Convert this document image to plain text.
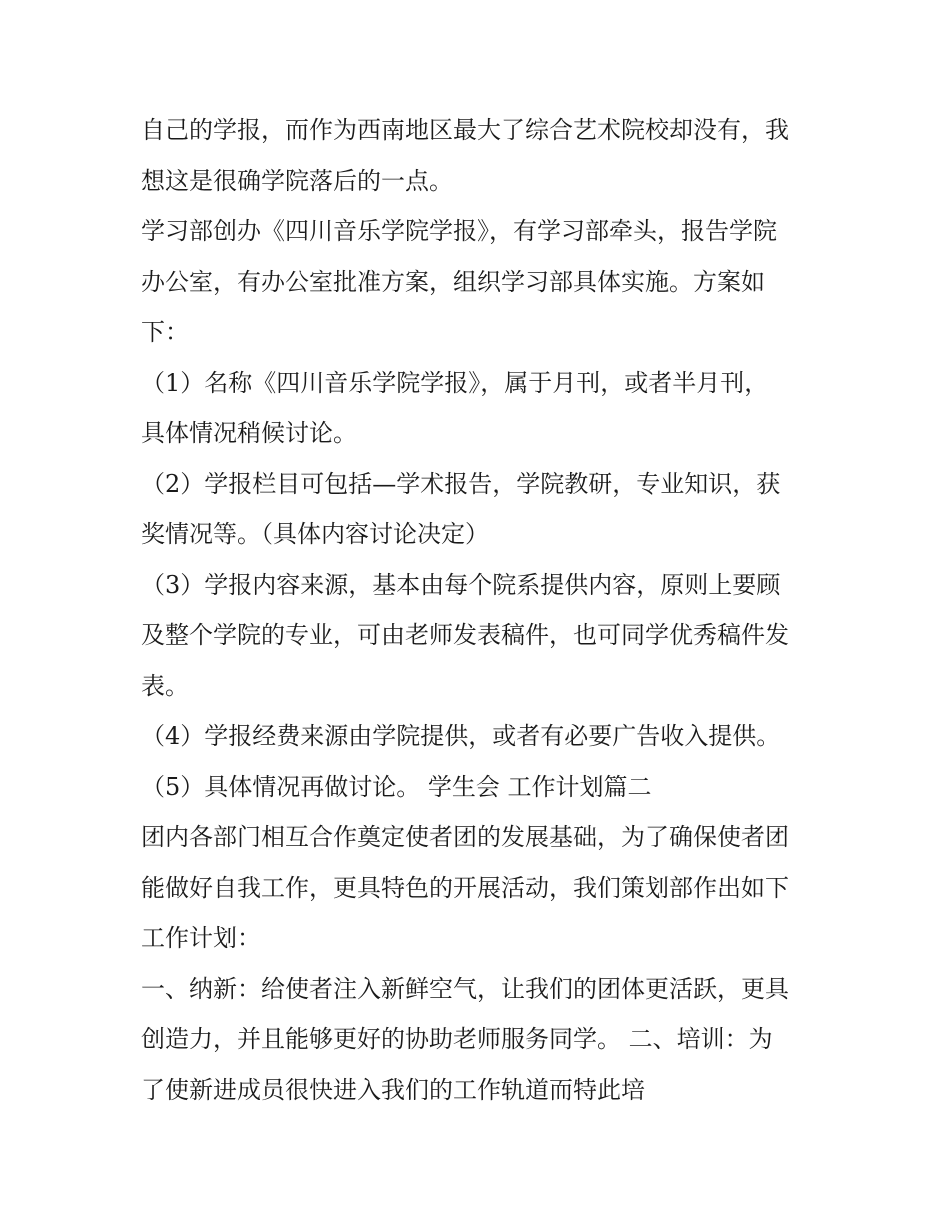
自己的学报，而作为西南地区最大了综合艺术院校却没有，我
想这是很确学院落后的一点。
学习部创办《四川音乐学院学报》，有学习部牵头，报告学院
办公室，有办公室批准方案，组织学习部具体实施。方案如
下：
（1）名称《四川音乐学院学报》，属于月刊，或者半月刊，
具体情况稍候讨论。
（2）学报栏目可包括—学术报告，学院教研，专业知识，获
奖情况等。（具体内容讨论决定）
（3）学报内容来源，基本由每个院系提供内容，原则上要顾
及整个学院的专业，可由老师发表稿件，也可同学优秀稿件发
表。
（4）学报经费来源由学院提供，或者有必要广告收入提供。
（5）具体情况再做讨论。 学生会 工作计划篇二
团内各部门相互合作奠定使者团的发展基础，为了确保使者团
能做好自我工作，更具特色的开展活动，我们策划部作出如下
工作计划：
一、纳新：给使者注入新鲜空气，让我们的团体更活跃，更具
创造力，并且能够更好的协助老师服务同学。 二、培训：为
了使新进成员很快进入我们的工作轨道而特此培
